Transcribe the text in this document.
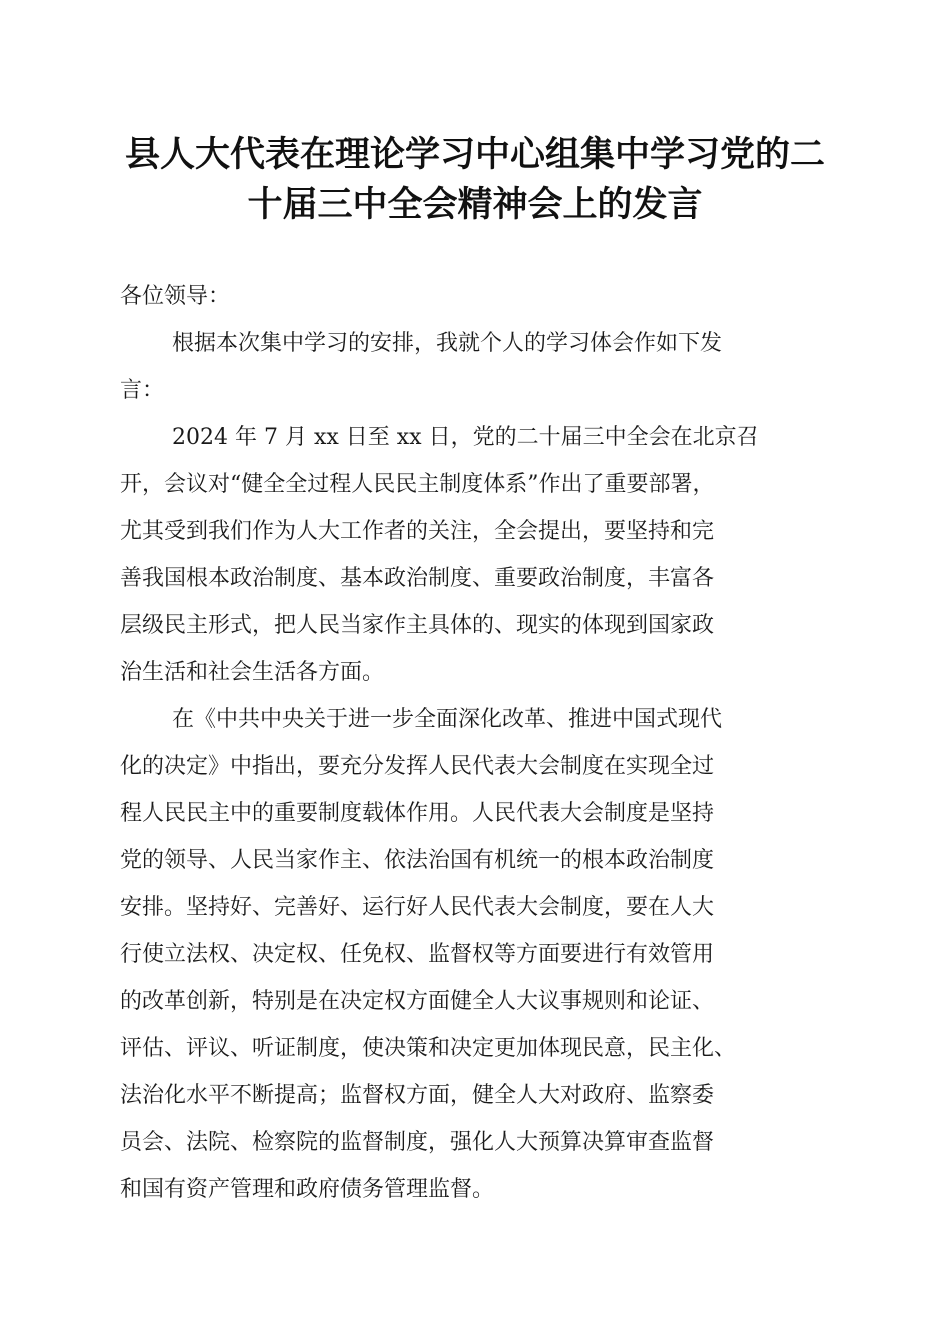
县人大代表在理论学习中心组集中学习党的二
十届三中全会精神会上的发言
各位领导：
根据本次集中学习的安排，我就个人的学习体会作如下发
言：
2024 年 7 月 xx 日至 xx 日，党的二十届三中全会在北京召
开，会议对“健全全过程人民民主制度体系”作出了重要部署，
尤其受到我们作为人大工作者的关注，全会提出，要坚持和完
善我国根本政治制度、基本政治制度、重要政治制度，丰富各
层级民主形式，把人民当家作主具体的、现实的体现到国家政
治生活和社会生活各方面。
在《中共中央关于进一步全面深化改革、推进中国式现代
化的决定》中指出，要充分发挥人民代表大会制度在实现全过
程人民民主中的重要制度载体作用。人民代表大会制度是坚持
党的领导、人民当家作主、依法治国有机统一的根本政治制度
安排。坚持好、完善好、运行好人民代表大会制度，要在人大
行使立法权、决定权、任免权、监督权等方面要进行有效管用
的改革创新，特别是在决定权方面健全人大议事规则和论证、
评估、评议、听证制度，使决策和决定更加体现民意，民主化、
法治化水平不断提高；监督权方面，健全人大对政府、监察委
员会、法院、检察院的监督制度，强化人大预算决算审查监督
和国有资产管理和政府债务管理监督。
